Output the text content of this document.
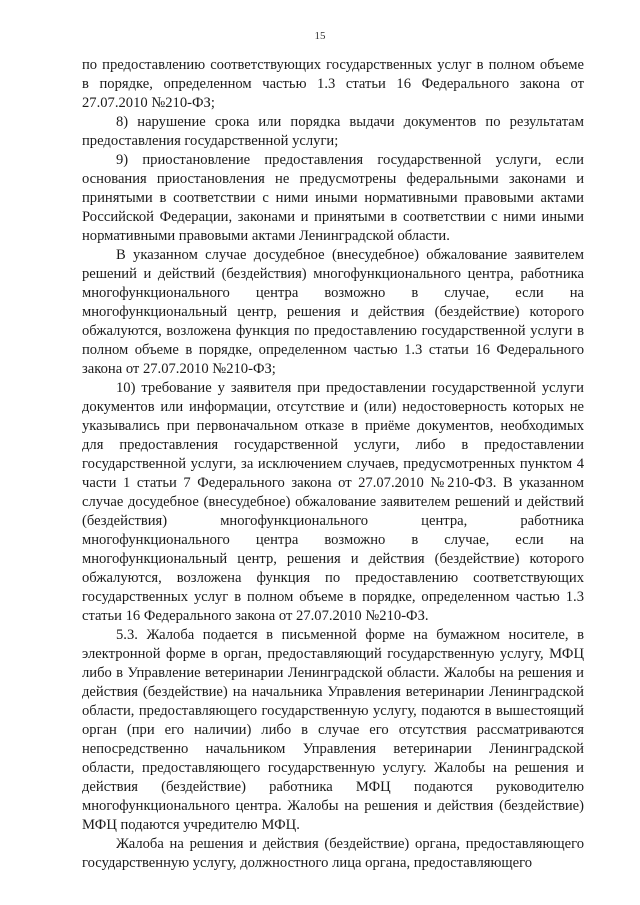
15

по предоставлению соответствующих государственных услуг в полном объеме в порядке, определенном частью 1.3 статьи 16 Федерального закона от 27.07.2010 №210-ФЗ;

8) нарушение срока или порядка выдачи документов по результатам предоставления государственной услуги;

9) приостановление предоставления государственной услуги, если основания приостановления не предусмотрены федеральными законами и принятыми в соответствии с ними иными нормативными правовыми актами Российской Федерации, законами и принятыми в соответствии с ними иными нормативными правовыми актами Ленинградской области.

В указанном случае досудебное (внесудебное) обжалование заявителем решений и действий (бездействия) многофункционального центра, работника многофункционального центра возможно в случае, если на многофункциональный центр, решения и действия (бездействие) которого обжалуются, возложена функция по предоставлению государственной услуги в полном объеме в порядке, определенном частью 1.3 статьи 16 Федерального закона от 27.07.2010 №210-ФЗ;

10) требование у заявителя при предоставлении государственной услуги документов или информации, отсутствие и (или) недостоверность которых не указывались при первоначальном отказе в приёме документов, необходимых для предоставления государственной услуги, либо в предоставлении государственной услуги, за исключением случаев, предусмотренных пунктом 4 части 1 статьи 7 Федерального закона от 27.07.2010 №210-ФЗ. В указанном случае досудебное (внесудебное) обжалование заявителем решений и действий (бездействия) многофункционального центра, работника многофункционального центра возможно в случае, если на многофункциональный центр, решения и действия (бездействие) которого обжалуются, возложена функция по предоставлению соответствующих государственных услуг в полном объеме в порядке, определенном частью 1.3 статьи 16 Федерального закона от 27.07.2010 №210-ФЗ.

5.3. Жалоба подается в письменной форме на бумажном носителе, в электронной форме в орган, предоставляющий государственную услугу, МФЦ либо в Управление ветеринарии Ленинградской области. Жалобы на решения и действия (бездействие) на начальника Управления ветеринарии Ленинградской области, предоставляющего государственную услугу, подаются в вышестоящий орган (при его наличии) либо в случае его отсутствия рассматриваются непосредственно начальником Управления ветеринарии Ленинградской области, предоставляющего государственную услугу. Жалобы на решения и действия (бездействие) работника МФЦ подаются руководителю многофункционального центра. Жалобы на решения и действия (бездействие) МФЦ подаются учредителю МФЦ.

Жалоба на решения и действия (бездействие) органа, предоставляющего государственную услугу, должностного лица органа, предоставляющего
